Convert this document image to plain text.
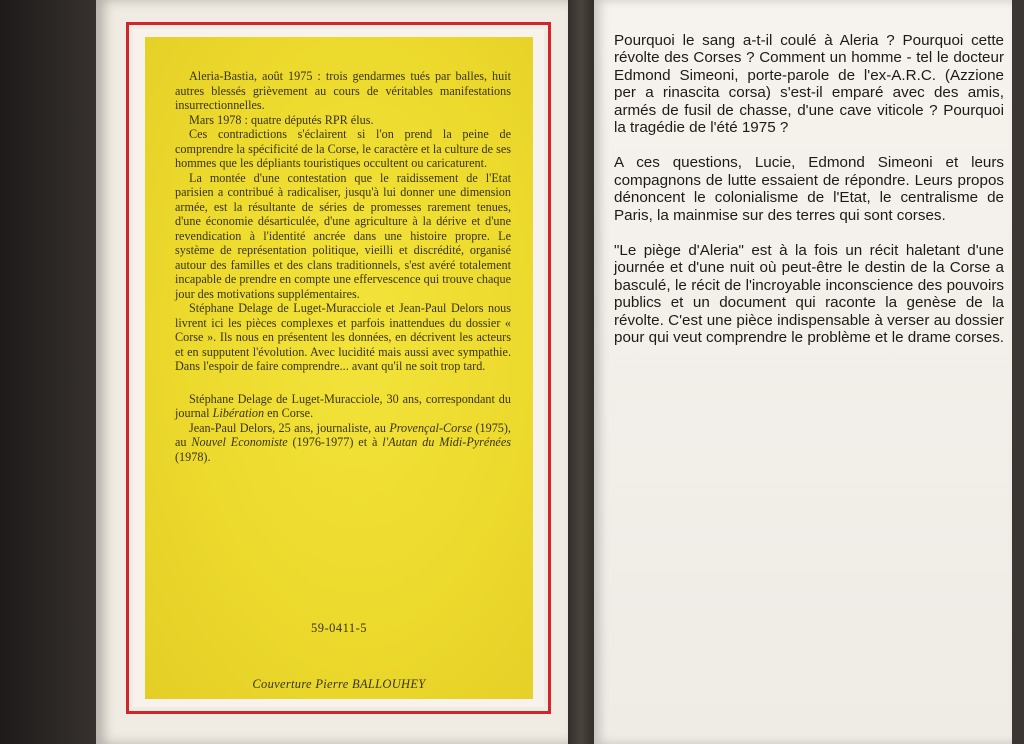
Aleria-Bastia, août 1975 : trois gendarmes tués par balles, huit autres blessés grièvement au cours de véritables manifestations insurrectionnelles.

Mars 1978 : quatre députés RPR élus.

Ces contradictions s'éclairent si l'on prend la peine de comprendre la spécificité de la Corse, le caractère et la culture de ses hommes que les dépliants touristiques occultent ou caricaturent.

La montée d'une contestation que le raidissement de l'Etat parisien a contribué à radicaliser, jusqu'à lui donner une dimension armée, est la résultante de séries de promesses rarement tenues, d'une économie désarticulée, d'une agriculture à la dérive et d'une revendication à l'identité ancrée dans une histoire propre. Le système de représentation politique, vieilli et discrédité, organisé autour des familles et des clans traditionnels, s'est avéré totalement incapable de prendre en compte une effervescence qui trouve chaque jour des motivations supplémentaires.

Stéphane Delage de Luget-Muracciole et Jean-Paul Delors nous livrent ici les pièces complexes et parfois inattendues du dossier « Corse ». Ils nous en présentent les données, en décrivent les acteurs et en supputent l'évolution. Avec lucidité mais aussi avec sympathie. Dans l'espoir de faire comprendre... avant qu'il ne soit trop tard.

Stéphane Delage de Luget-Muracciole, 30 ans, correspondant du journal Libération en Corse.

Jean-Paul Delors, 25 ans, journaliste, au Provençal-Corse (1975), au Nouvel Economiste (1976-1977) et à l'Autan du Midi-Pyrénées (1978).

59-0411-5
Couverture Pierre BALLOUHEY

Pourquoi le sang a-t-il coulé à Aleria ? Pourquoi cette révolte des Corses ? Comment un homme - tel le docteur Edmond Simeoni, porte-parole de l'ex-A.R.C. (Azzione per a rinascita corsa) s'est-il emparé avec des amis, armés de fusil de chasse, d'une cave viticole ? Pourquoi la tragédie de l'été 1975 ?

A ces questions, Lucie, Edmond Simeoni et leurs compagnons de lutte essaient de répondre. Leurs propos dénoncent le colonialisme de l'Etat, le centralisme de Paris, la mainmise sur des terres qui sont corses.

"Le piège d'Aleria" est à la fois un récit haletant d'une journée et d'une nuit où peut-être le destin de la Corse a basculé, le récit de l'incroyable inconscience des pouvoirs publics et un document qui raconte la genèse de la révolte. C'est une pièce indispensable à verser au dossier pour qui veut comprendre le problème et le drame corses.
